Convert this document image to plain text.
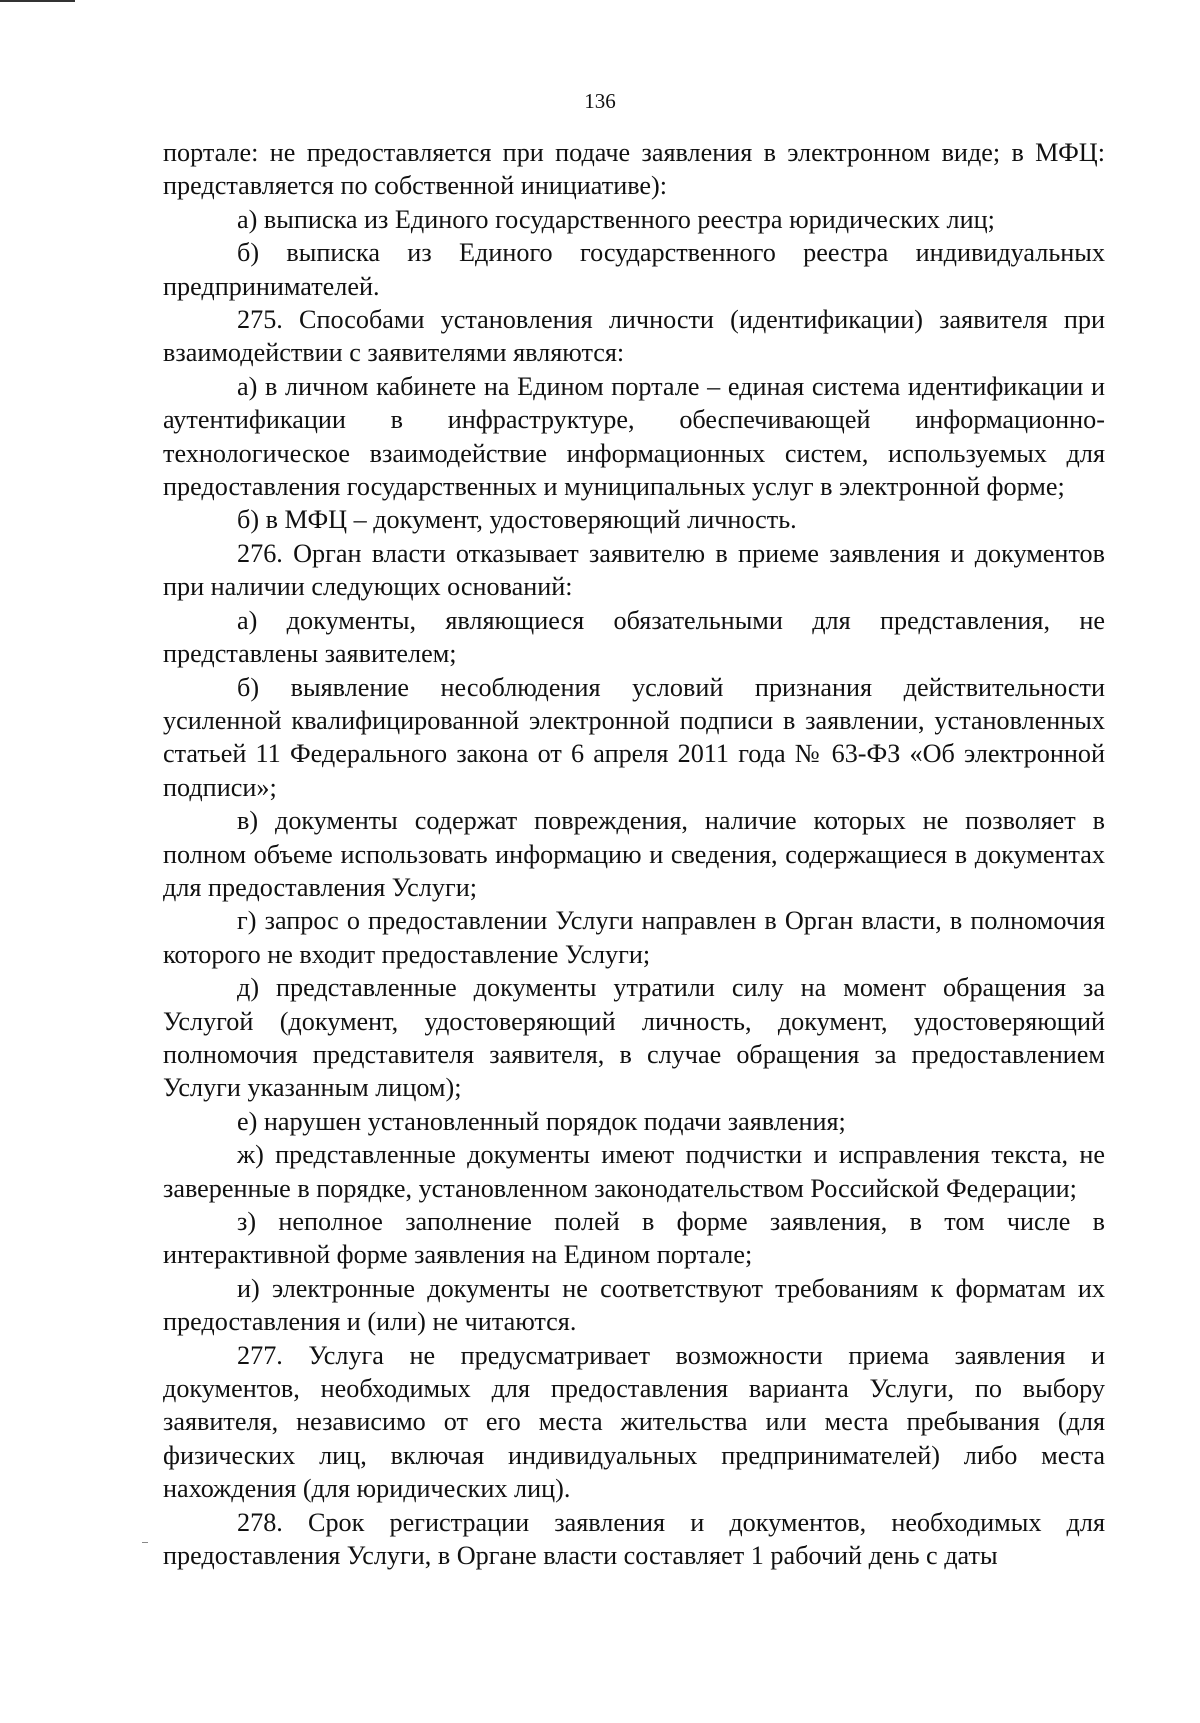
136

портале: не предоставляется при подаче заявления в электронном виде; в МФЦ: представляется по собственной инициативе):

а) выписка из Единого государственного реестра юридических лиц;

б) выписка из Единого государственного реестра индивидуальных предпринимателей.

275. Способами установления личности (идентификации) заявителя при взаимодействии с заявителями являются:

а) в личном кабинете на Едином портале – единая система идентификации и аутентификации в инфраструктуре, обеспечивающей информационно-технологическое взаимодействие информационных систем, используемых для предоставления государственных и муниципальных услуг в электронной форме;

б) в МФЦ – документ, удостоверяющий личность.

276. Орган власти отказывает заявителю в приеме заявления и документов при наличии следующих оснований:

а) документы, являющиеся обязательными для представления, не представлены заявителем;

б) выявление несоблюдения условий признания действительности усиленной квалифицированной электронной подписи в заявлении, установленных статьей 11 Федерального закона от 6 апреля 2011 года № 63-ФЗ «Об электронной подписи»;

в) документы содержат повреждения, наличие которых не позволяет в полном объеме использовать информацию и сведения, содержащиеся в документах для предоставления Услуги;

г) запрос о предоставлении Услуги направлен в Орган власти, в полномочия которого не входит предоставление Услуги;

д) представленные документы утратили силу на момент обращения за Услугой (документ, удостоверяющий личность, документ, удостоверяющий полномочия представителя заявителя, в случае обращения за предоставлением Услуги указанным лицом);

е) нарушен установленный порядок подачи заявления;

ж) представленные документы имеют подчистки и исправления текста, не заверенные в порядке, установленном законодательством Российской Федерации;

з) неполное заполнение полей в форме заявления, в том числе в интерактивной форме заявления на Едином портале;

и) электронные документы не соответствуют требованиям к форматам их предоставления и (или) не читаются.

277. Услуга не предусматривает возможности приема заявления и документов, необходимых для предоставления варианта Услуги, по выбору заявителя, независимо от его места жительства или места пребывания (для физических лиц, включая индивидуальных предпринимателей) либо места нахождения (для юридических лиц).

278. Срок регистрации заявления и документов, необходимых для предоставления Услуги, в Органе власти составляет 1 рабочий день с даты
